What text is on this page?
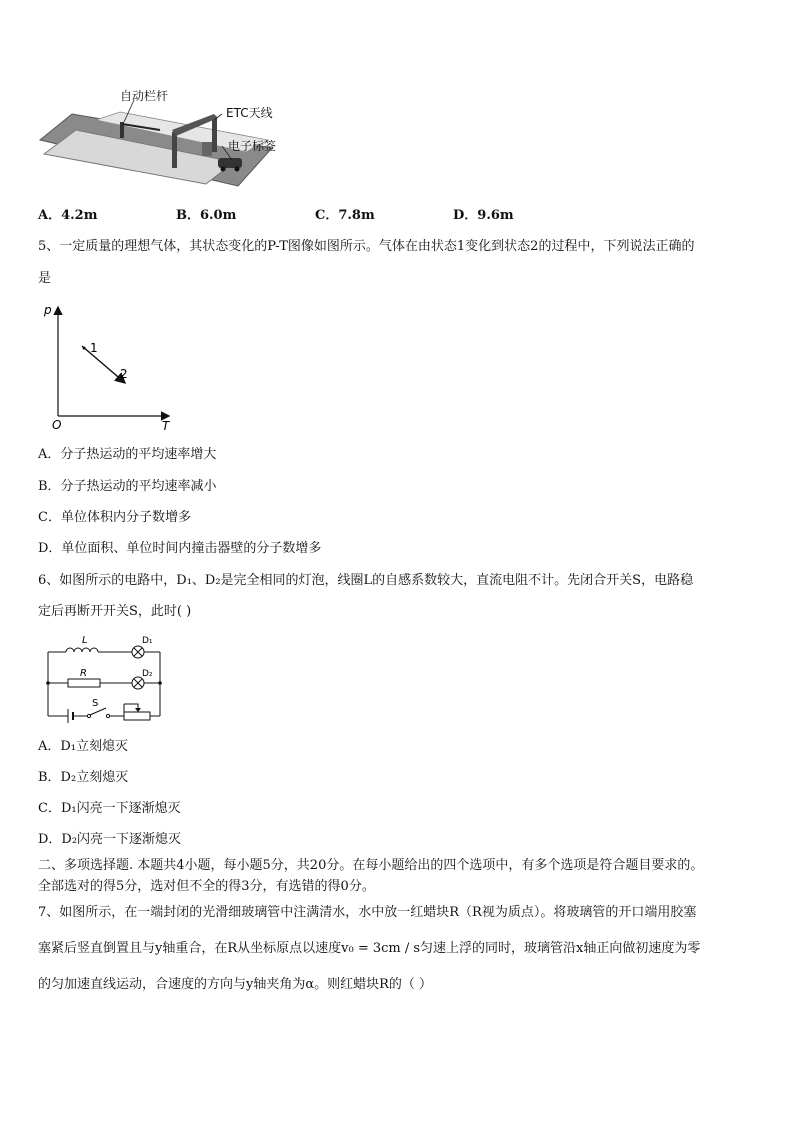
自动栏杆
ETC天线
电子标签
A．4.2m	B．6.0m	C．7.8m	D．9.6m
5、一定质量的理想气体，其状态变化的P-T图像如图所示。气体在由状态1变化到状态2的过程中，下列说法正确的
是
p
T
O
1
2
A．分子热运动的平均速率增大
B．分子热运动的平均速率减小
C．单位体积内分子数增多
D．单位面积、单位时间内撞击器壁的分子数增多
6、如图所示的电路中，D₁、D₂是完全相同的灯泡，线圈L的自感系数较大，直流电阻不计。先闭合开关S，电路稳
定后再断开开关S，此时( )
L	D₁
R	D₂
S
A．D₁立刻熄灭
B．D₂立刻熄灭
C．D₁闪亮一下逐渐熄灭
D．D₂闪亮一下逐渐熄灭
二、多项选择题. 本题共4小题，每小题5分，共20分。在每小题给出的四个选项中，有多个选项是符合题目要求的。
全部选对的得5分，选对但不全的得3分，有选错的得0分。
7、如图所示，在一端封闭的光滑细玻璃管中注满清水，水中放一红蜡块R（R视为质点）。将玻璃管的开口端用胶塞
塞紧后竖直倒置且与y轴重合，在R从坐标原点以速度v₀ = 3cm / s匀速上浮的同时，玻璃管沿x轴正向做初速度为零
的匀加速直线运动，合速度的方向与y轴夹角为α。则红蜡块R的（ ）
